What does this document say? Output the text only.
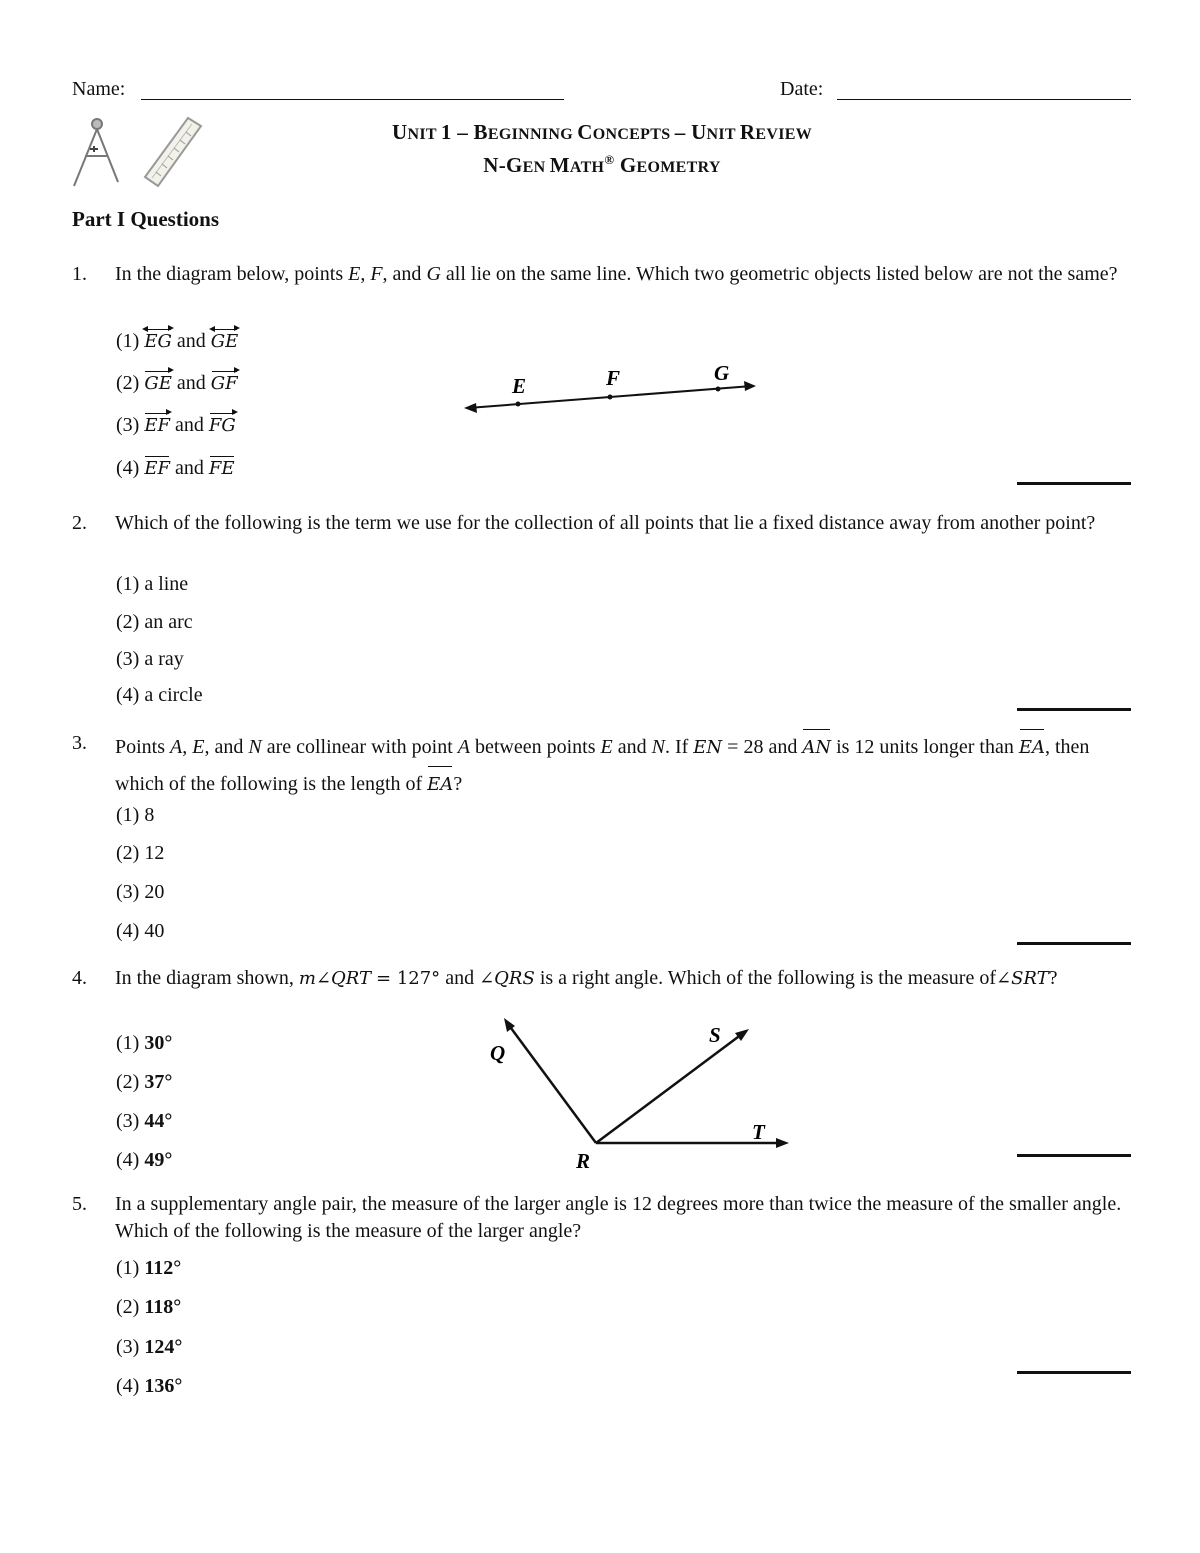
Name:	Date:
UNIT 1 – BEGINNING CONCEPTS – UNIT REVIEW
N-GEN MATH® GEOMETRY
Part I Questions
1. In the diagram below, points E, F, and G all lie on the same line. Which two geometric objects listed below are not the same?
(1) EG and GE
(2) GE and GF
(3) EF and FG
(4) EF and FE
E	F	G
2. Which of the following is the term we use for the collection of all points that lie a fixed distance away from another point?
(1) a line
(2) an arc
(3) a ray
(4) a circle
3. Points A, E, and N are collinear with point A between points E and N. If EN = 28 and AN is 12 units longer than EA, then which of the following is the length of EA?
(1) 8
(2) 12
(3) 20
(4) 40
4. In the diagram shown, m∠QRT = 127° and ∠QRS is a right angle. Which of the following is the measure of∠SRT?
(1) 30°
(2) 37°
(3) 44°
(4) 49°
Q
S
T
R
5. In a supplementary angle pair, the measure of the larger angle is 12 degrees more than twice the measure of the smaller angle. Which of the following is the measure of the larger angle?
(1) 112°
(2) 118°
(3) 124°
(4) 136°
